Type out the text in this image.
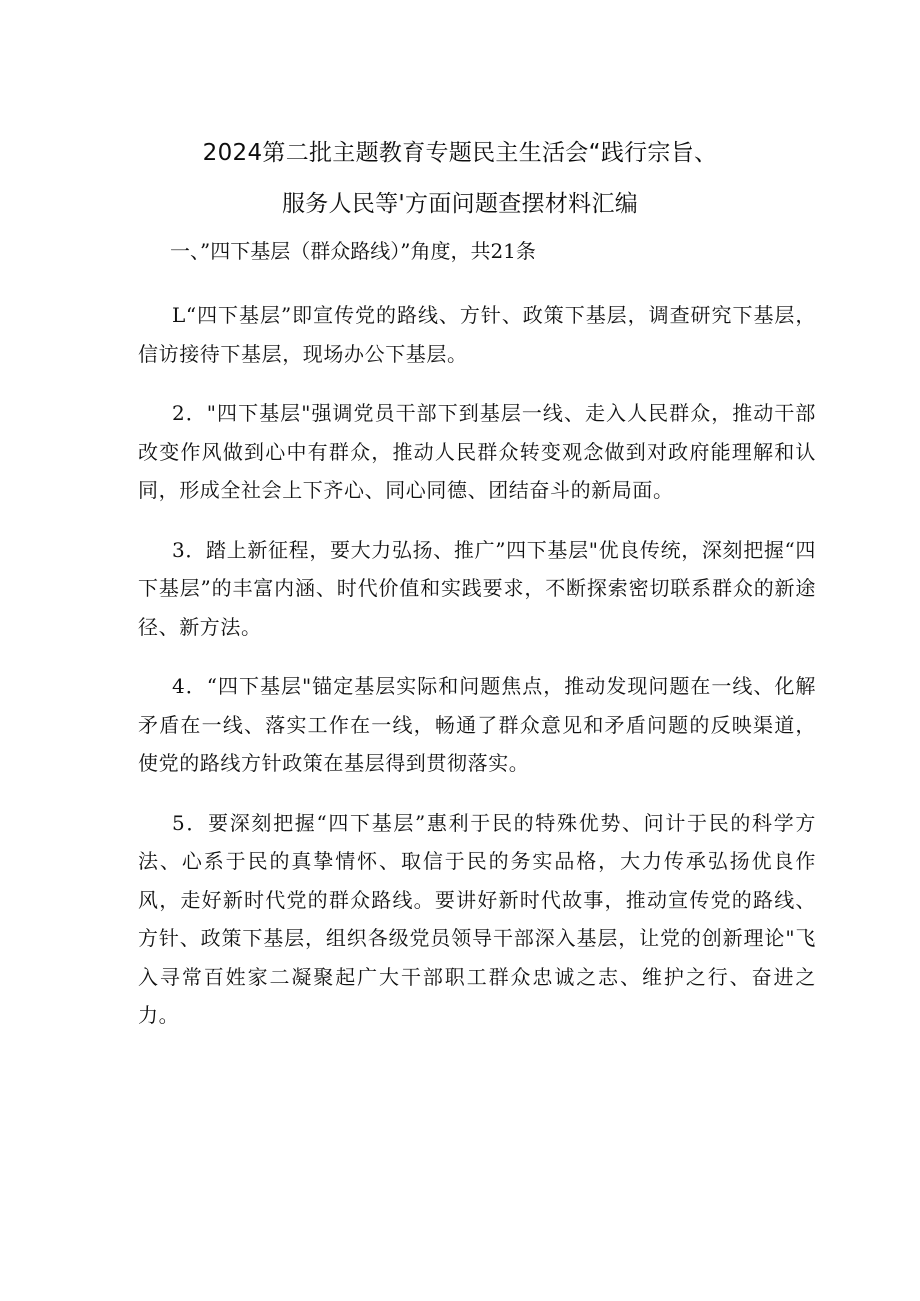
2024第二批主题教育专题民主生活会“践行宗旨、
服务人民等'方面问题查摆材料汇编
一、”四下基层（群众路线）”角度，共21条

L“四下基层”即宣传党的路线、方针、政策下基层，调查研究下基层，信访接待下基层，现场办公下基层。

2．"四下基层"强调党员干部下到基层一线、走入人民群众，推动干部改变作风做到心中有群众，推动人民群众转变观念做到对政府能理解和认同，形成全社会上下齐心、同心同德、团结奋斗的新局面。

3．踏上新征程，要大力弘扬、推广”四下基层"优良传统，深刻把握“四下基层”的丰富内涵、时代价值和实践要求，不断探索密切联系群众的新途径、新方法。

4．“四下基层"锚定基层实际和问题焦点，推动发现问题在一线、化解矛盾在一线、落实工作在一线，畅通了群众意见和矛盾问题的反映渠道，使党的路线方针政策在基层得到贯彻落实。

5．要深刻把握“四下基层”惠利于民的特殊优势、问计于民的科学方法、心系于民的真挚情怀、取信于民的务实品格，大力传承弘扬优良作风，走好新时代党的群众路线。要讲好新时代故事，推动宣传党的路线、方针、政策下基层，组织各级党员领导干部深入基层，让党的创新理论"飞入寻常百姓家二凝聚起广大干部职工群众忠诚之志、维护之行、奋进之力。
